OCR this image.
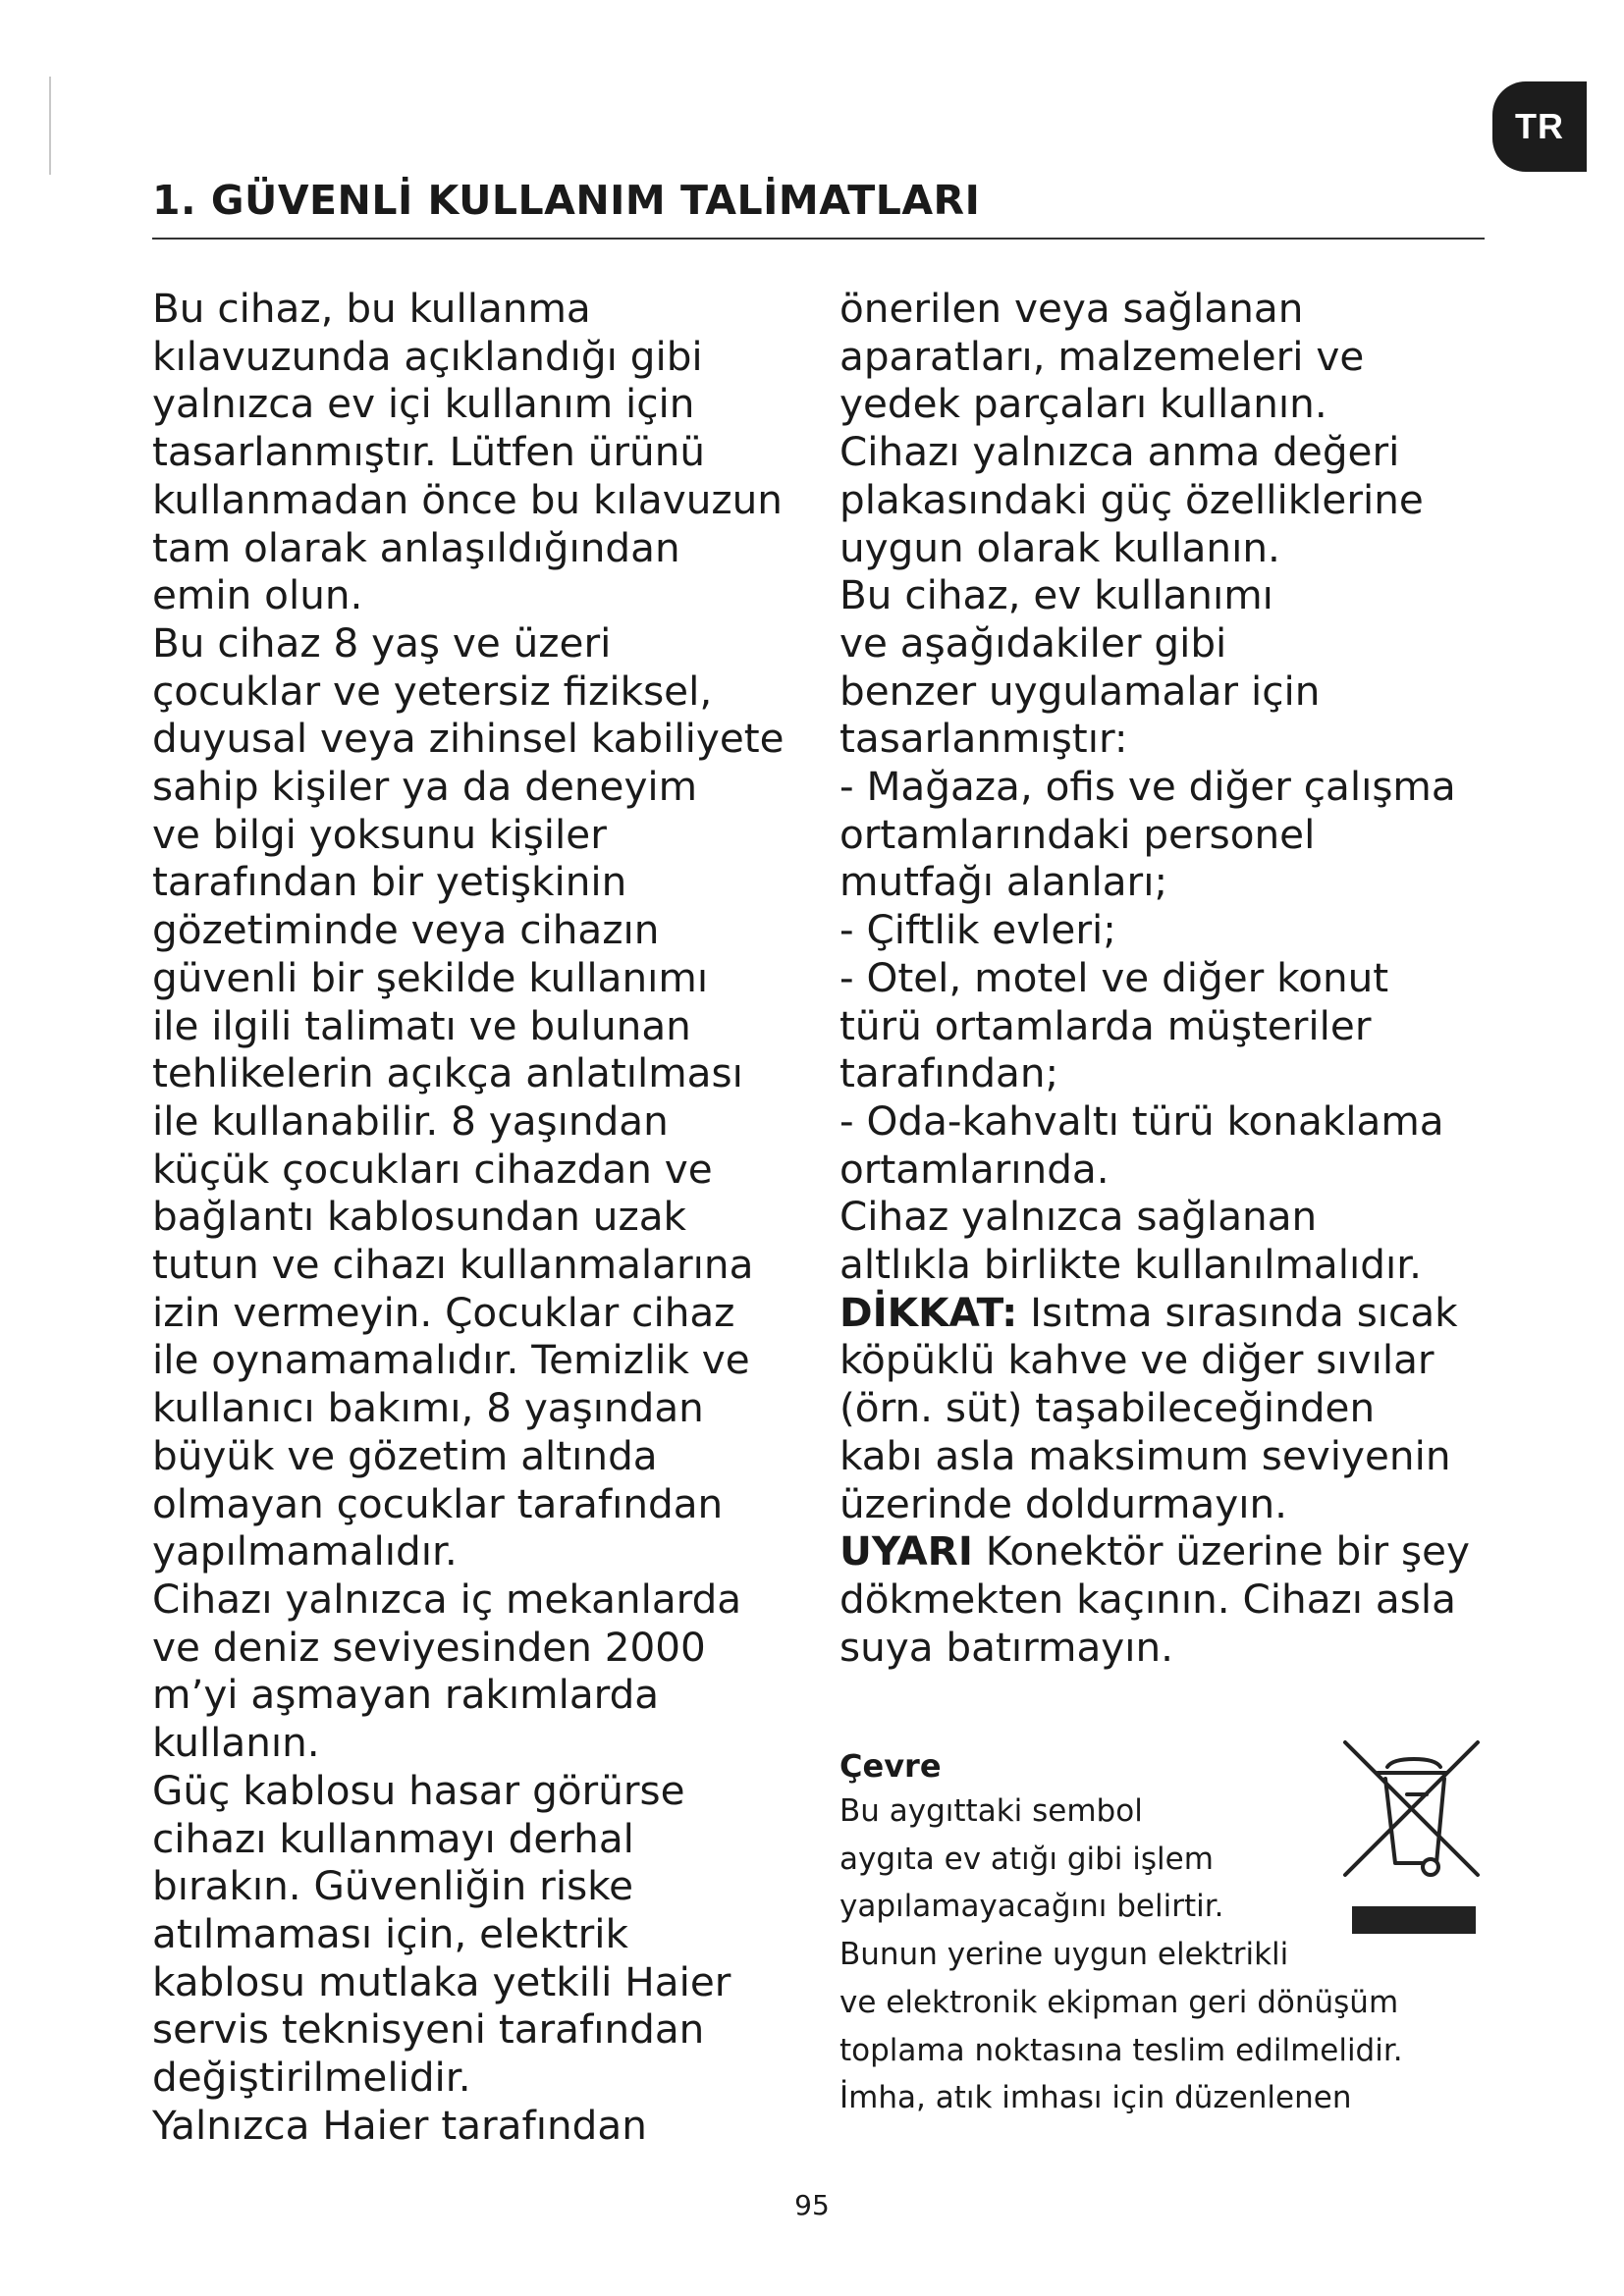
TR
1. GÜVENLİ KULLANIM TALİMATLARI

Bu cihaz, bu kullanma

kılavuzunda açıklandığı gibi

yalnızca ev içi kullanım için

tasarlanmıştır. Lütfen ürünü

kullanmadan önce bu kılavuzun

tam olarak anlaşıldığından

emin olun.

Bu cihaz 8 yaş ve üzeri

çocuklar ve yetersiz fiziksel,

duyusal veya zihinsel kabiliyete

sahip kişiler ya da deneyim

ve bilgi yoksunu kişiler

tarafından bir yetişkinin

gözetiminde veya cihazın

güvenli bir şekilde kullanımı

ile ilgili talimatı ve bulunan

tehlikelerin açıkça anlatılması

ile kullanabilir. 8 yaşından

küçük çocukları cihazdan ve

bağlantı kablosundan uzak

tutun ve cihazı kullanmalarına

izin vermeyin. Çocuklar cihaz

ile oynamamalıdır. Temizlik ve

kullanıcı bakımı, 8 yaşından

büyük ve gözetim altında

olmayan çocuklar tarafından

yapılmamalıdır.

Cihazı yalnızca iç mekanlarda

ve deniz seviyesinden 2000

m’yi aşmayan rakımlarda

kullanın.

Güç kablosu hasar görürse

cihazı kullanmayı derhal

bırakın. Güvenliğin riske

atılmaması için, elektrik

kablosu mutlaka yetkili Haier

servis teknisyeni tarafından

değiştirilmelidir.

Yalnızca Haier tarafından

önerilen veya sağlanan

aparatları, malzemeleri ve

yedek parçaları kullanın.

Cihazı yalnızca anma değeri

plakasındaki güç özelliklerine

uygun olarak kullanın.

Bu cihaz, ev kullanımı

ve aşağıdakiler gibi

benzer uygulamalar için

tasarlanmıştır:

- Mağaza, ofis ve diğer çalışma

ortamlarındaki personel

mutfağı alanları;

- Çiftlik evleri;

- Otel, motel ve diğer konut

türü ortamlarda müşteriler

tarafından;

- Oda-kahvaltı türü konaklama

ortamlarında.

Cihaz yalnızca sağlanan

altlıkla birlikte kullanılmalıdır.

DİKKAT: Isıtma sırasında sıcak

köpüklü kahve ve diğer sıvılar

(örn. süt) taşabileceğinden

kabı asla maksimum seviyenin

üzerinde doldurmayın.

UYARI Konektör üzerine bir şey

dökmekten kaçının. Cihazı asla

suya batırmayın.

Çevre

Bu aygıttaki sembol

aygıta ev atığı gibi işlem

yapılamayacağını belirtir.

Bunun yerine uygun elektrikli

ve elektronik ekipman geri dönüşüm

toplama noktasına teslim edilmelidir.

İmha, atık imhası için düzenlenen

95
